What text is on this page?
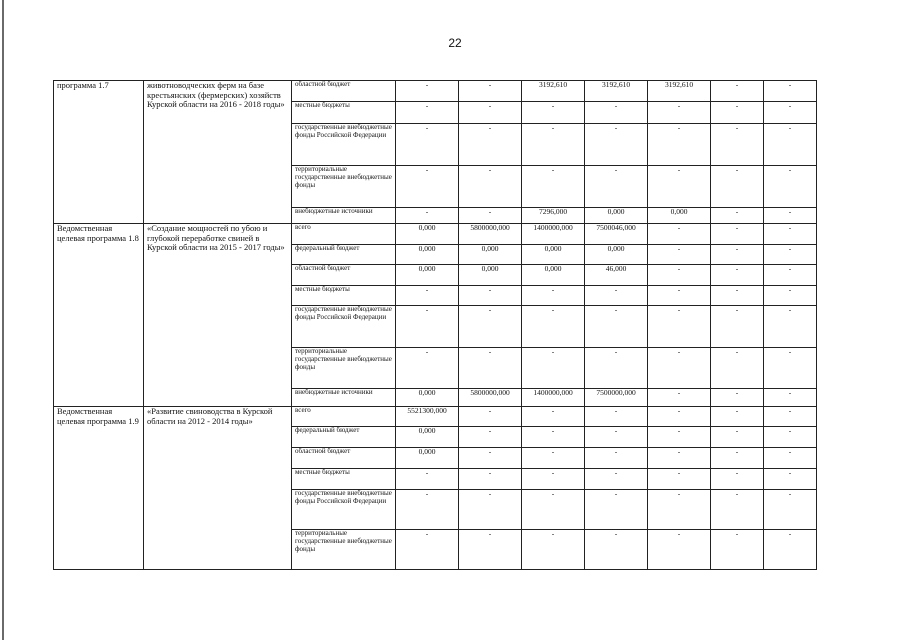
22
программа 1.7	животноводческих ферм на базе крестьянских (фермерских) хозяйств Курской области на 2016 - 2018 годы»	областной бюджет	-	-	3192,610	3192,610	3192,610	-	-
		местные бюджеты	-	-	-	-	-	-	-
		государственные внебюджетные фонды Российской Федерации	-	-	-	-	-	-	-
		территориальные государственные внебюджетные фонды	-	-	-	-	-	-	-
		внебюджетные источники	-	-	7296,000	0,000	0,000	-	-
Ведомственная целевая программа 1.8	«Создание мощностей по убою и глубокой переработке свиней в Курской области на 2015 - 2017 годы»	всего	0,000	5800000,000	1400000,000	7500046,000	-	-	-
		федеральный бюджет	0,000	0,000	0,000	0,000	-	-	-
		областной бюджет	0,000	0,000	0,000	46,000	-	-	-
		местные бюджеты	-	-	-	-	-	-	-
		государственные внебюджетные фонды Российской Федерации	-	-	-	-	-	-	-
		территориальные государственные внебюджетные фонды	-	-	-	-	-	-	-
		внебюджетные источники	0,000	5800000,000	1400000,000	7500000,000	-	-	-
Ведомственная целевая программа 1.9	«Развитие свиноводства в Курской области на 2012 - 2014 годы»	всего	5521300,000	-	-	-	-	-	-
		федеральный бюджет	0,000	-	-	-	-	-	-
		областной бюджет	0,000	-	-	-	-	-	-
		местные бюджеты	-	-	-	-	-	-	-
		государственные внебюджетные фонды Российской Федерации	-	-	-	-	-	-	-
		территориальные государственные внебюджетные фонды	-	-	-	-	-	-	-
